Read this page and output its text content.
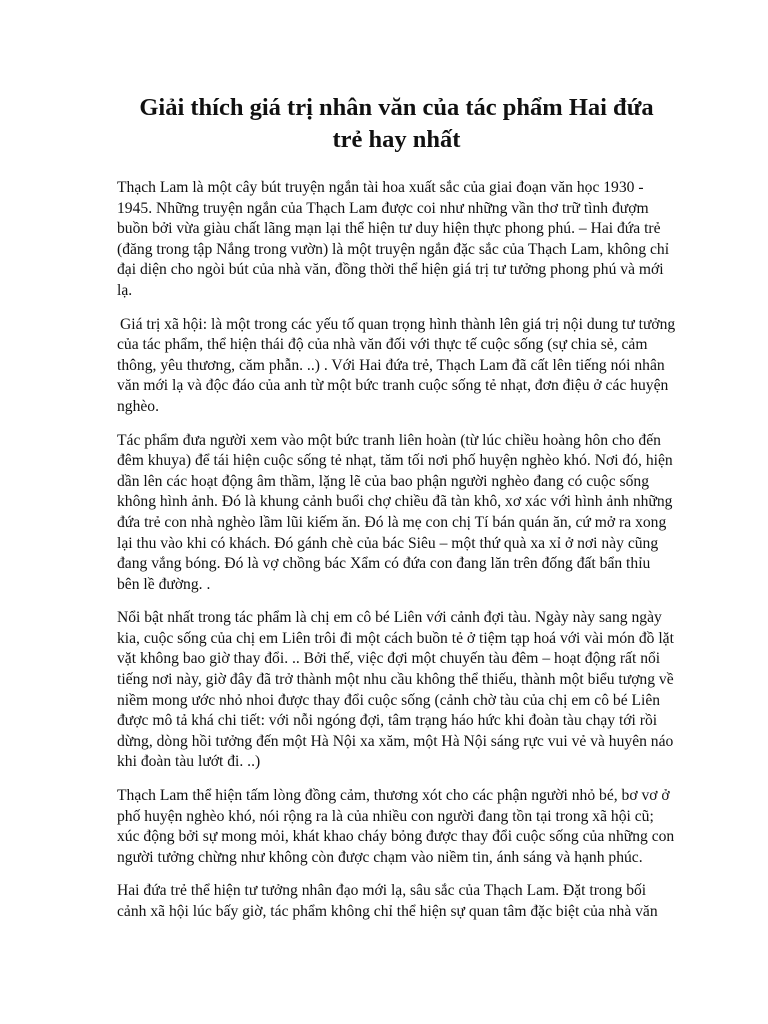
Giải thích giá trị nhân văn của tác phẩm Hai đứa trẻ hay nhất

Thạch Lam là một cây bút truyện ngắn tài hoa xuất sắc của giai đoạn văn học 1930 - 1945. Những truyện ngắn của Thạch Lam được coi như những vần thơ trữ tình đượm buồn bởi vừa giàu chất lãng mạn lại thể hiện tư duy hiện thực phong phú. – Hai đứa trẻ (đăng trong tập Nắng trong vườn) là một truyện ngắn đặc sắc của Thạch Lam, không chỉ đại diện cho ngòi bút của nhà văn, đồng thời thể hiện giá trị tư tưởng phong phú và mới lạ.

Giá trị xã hội: là một trong các yếu tố quan trọng hình thành lên giá trị nội dung tư tưởng của tác phẩm, thể hiện thái độ của nhà văn đối với thực tế cuộc sống (sự chia sẻ, cảm thông, yêu thương, căm phẫn. ..) . Với Hai đứa trẻ, Thạch Lam đã cất lên tiếng nói nhân văn mới lạ và độc đáo của anh từ một bức tranh cuộc sống tẻ nhạt, đơn điệu ở các huyện nghèo.

Tác phẩm đưa người xem vào một bức tranh liên hoàn (từ lúc chiều hoàng hôn cho đến đêm khuya) để tái hiện cuộc sống tẻ nhạt, tăm tối nơi phố huyện nghèo khó. Nơi đó, hiện dần lên các hoạt động âm thầm, lặng lẽ của bao phận người nghèo đang có cuộc sống không hình ảnh. Đó là khung cảnh buổi chợ chiều đã tàn khô, xơ xác với hình ảnh những đứa trẻ con nhà nghèo lầm lũi kiếm ăn. Đó là mẹ con chị Tí bán quán ăn, cứ mở ra xong lại thu vào khi có khách. Đó gánh chè của bác Siêu – một thứ quà xa xỉ ở nơi này cũng đang vắng bóng. Đó là vợ chồng bác Xẩm có đứa con đang lăn trên đống đất bẩn thỉu bên lề đường. .

Nổi bật nhất trong tác phẩm là chị em cô bé Liên với cảnh đợi tàu. Ngày này sang ngày kia, cuộc sống của chị em Liên trôi đi một cách buồn tẻ ở tiệm tạp hoá với vài món đồ lặt vặt không bao giờ thay đổi. .. Bởi thế, việc đợi một chuyến tàu đêm – hoạt động rất nổi tiếng nơi này, giờ đây đã trở thành một nhu cầu không thể thiếu, thành một biểu tượng về niềm mong ước nhỏ nhoi được thay đổi cuộc sống (cảnh chờ tàu của chị em cô bé Liên được mô tả khá chi tiết: với nỗi ngóng đợi, tâm trạng háo hức khi đoàn tàu chạy tới rồi dừng, dòng hồi tưởng đến một Hà Nội xa xăm, một Hà Nội sáng rực vui vẻ và huyên náo khi đoàn tàu lướt đi. ..)

Thạch Lam thể hiện tấm lòng đồng cảm, thương xót cho các phận người nhỏ bé, bơ vơ ở phố huyện nghèo khó, nói rộng ra là của nhiều con người đang tồn tại trong xã hội cũ; xúc động bởi sự mong mỏi, khát khao cháy bỏng được thay đổi cuộc sống của những con người tưởng chừng như không còn được chạm vào niềm tin, ánh sáng và hạnh phúc.

Hai đứa trẻ thể hiện tư tưởng nhân đạo mới lạ, sâu sắc của Thạch Lam. Đặt trong bối cảnh xã hội lúc bấy giờ, tác phẩm không chỉ thể hiện sự quan tâm đặc biệt của nhà văn
